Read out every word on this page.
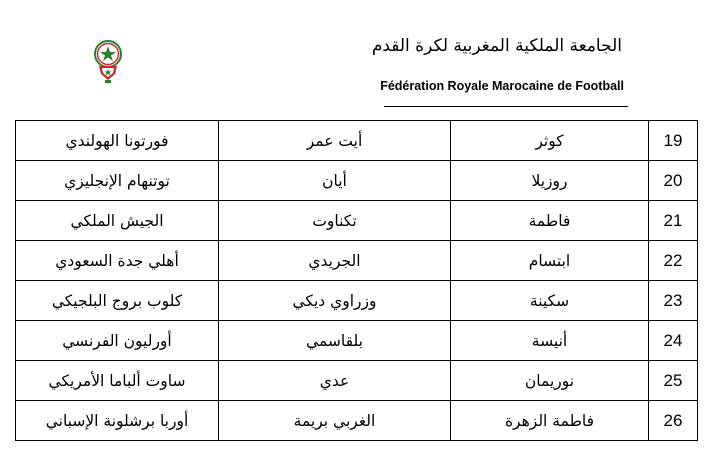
الجامعة الملكية المغربية لكرة القدم
Fédération Royale Marocaine de Football
فورتونا الهولندي	أيت عمر	كوثر	19
توتنهام الإنجليزي	أيان	روزيلا	20
الجيش الملكي	تكناوت	فاطمة	21
أهلي جدة السعودي	الجريدي	ابتسام	22
كلوب بروج البلجيكي	وزراوي ديكي	سكينة	23
أورليون الفرنسي	بلقاسمي	أنيسة	24
ساوت ألباما الأمريكي	عدي	نوريمان	25
أوربا برشلونة الإسباني	الغربي بريمة	فاطمة الزهرة	26
